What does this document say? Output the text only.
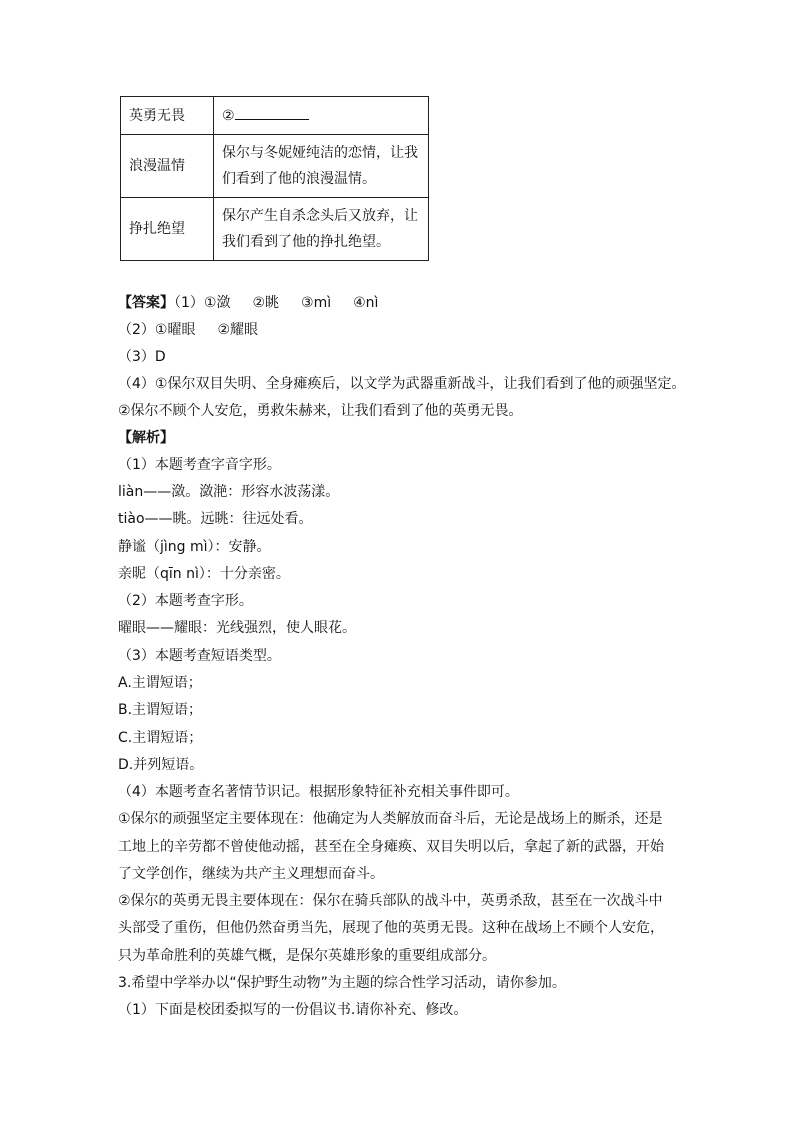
英勇无畏	②
浪漫温情	保尔与冬妮娅纯洁的恋情，让我们看到了他的浪漫温情。
挣扎绝望	保尔产生自杀念头后又放弃，让我们看到了他的挣扎绝望。
【答案】（1）①潋 ②眺 ③mì ④nì
（2）①曜眼 ②耀眼
（3）D
（4）①保尔双目失明、全身瘫痪后，以文学为武器重新战斗，让我们看到了他的顽强坚定。
②保尔不顾个人安危，勇救朱赫来，让我们看到了他的英勇无畏。
【解析】
（1）本题考查字音字形。
liàn——潋。潋滟：形容水波荡漾。
tiào——眺。远眺：往远处看。
静谧（jìng mì）：安静。
亲昵（qīn nì）：十分亲密。
（2）本题考查字形。
曜眼——耀眼：光线强烈，使人眼花。
（3）本题考查短语类型。
A.主谓短语；
B.主谓短语；
C.主谓短语；
D.并列短语。
（4）本题考查名著情节识记。根据形象特征补充相关事件即可。
①保尔的顽强坚定主要体现在：他确定为人类解放而奋斗后，无论是战场上的厮杀，还是
工地上的辛劳都不曾使他动摇，甚至在全身瘫痪、双目失明以后，拿起了新的武器，开始
了文学创作，继续为共产主义理想而奋斗。
②保尔的英勇无畏主要体现在：保尔在骑兵部队的战斗中，英勇杀敌，甚至在一次战斗中
头部受了重伤，但他仍然奋勇当先，展现了他的英勇无畏。这种在战场上不顾个人安危，
只为革命胜利的英雄气概，是保尔英雄形象的重要组成部分。
3.希望中学举办以“保护野生动物”为主题的综合性学习活动，请你参加。
（1）下面是校团委拟写的一份倡议书.请你补充、修改。
